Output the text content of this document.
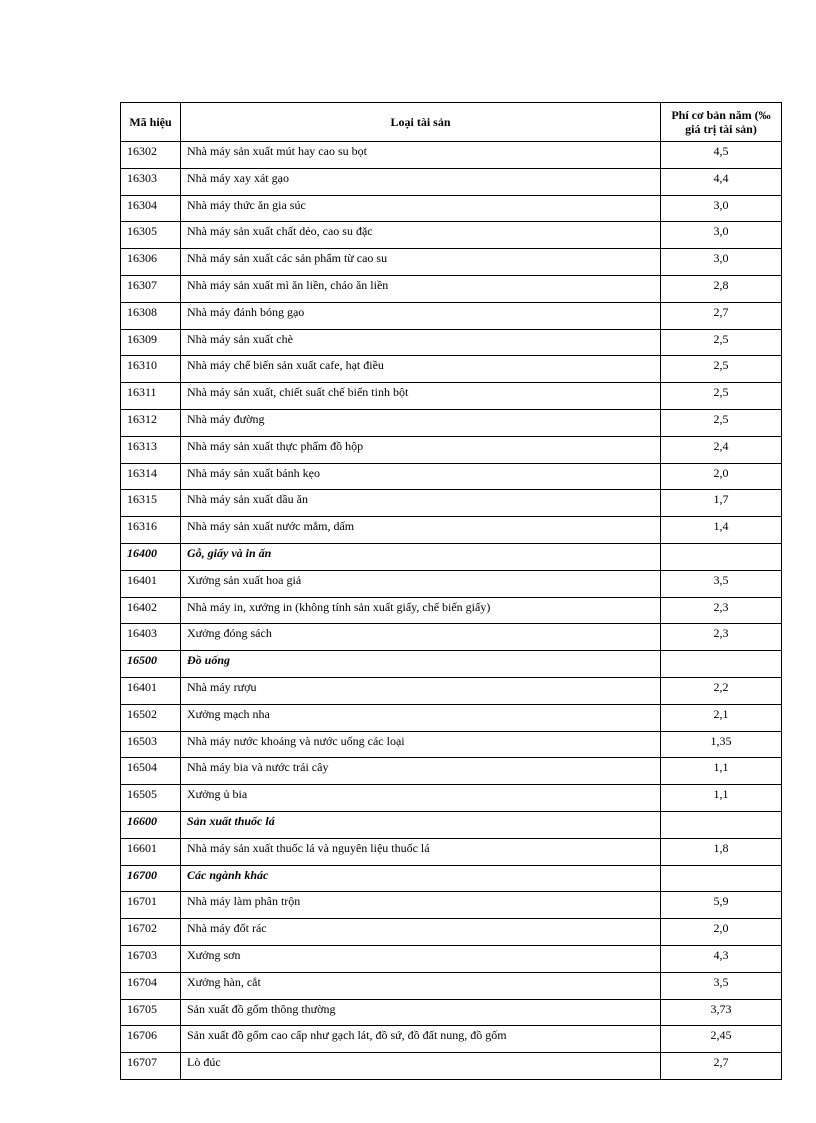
Mã hiệu	Loại tài sản	Phí cơ bản năm (‰ giá trị tài sản)
16302	Nhà máy sản xuất mút hay cao su bọt	4,5
16303	Nhà máy xay xát gạo	4,4
16304	Nhà máy thức ăn gia súc	3,0
16305	Nhà máy sản xuất chất dẻo, cao su đặc	3,0
16306	Nhà máy sản xuất các sản phẩm từ cao su	3,0
16307	Nhà máy sản xuất mì ăn liền, cháo ăn liền	2,8
16308	Nhà máy đánh bóng gạo	2,7
16309	Nhà máy sản xuất chè	2,5
16310	Nhà máy chế biến sản xuất cafe, hạt điều	2,5
16311	Nhà máy sản xuất, chiết suất chế biến tinh bột	2,5
16312	Nhà máy đường	2,5
16313	Nhà máy sản xuất thực phẩm đồ hộp	2,4
16314	Nhà máy sản xuất bánh kẹo	2,0
16315	Nhà máy sản xuất dầu ăn	1,7
16316	Nhà máy sản xuất nước mắm, dấm	1,4
16400	Gỗ, giấy và in ấn	
16401	Xưởng sản xuất hoa giả	3,5
16402	Nhà máy in, xưởng in (không tính sản xuất giấy, chế biến giấy)	2,3
16403	Xưởng đóng sách	2,3
16500	Đồ uống	
16401	Nhà máy rượu	2,2
16502	Xưởng mạch nha	2,1
16503	Nhà máy nước khoáng và nước uống các loại	1,35
16504	Nhà máy bia và nước trái cây	1,1
16505	Xưởng ủ bia	1,1
16600	Sản xuất thuốc lá	
16601	Nhà máy sản xuất thuốc lá và nguyên liệu thuốc lá	1,8
16700	Các ngành khác	
16701	Nhà máy làm phân trộn	5,9
16702	Nhà máy đốt rác	2,0
16703	Xưởng sơn	4,3
16704	Xưởng hàn, cắt	3,5
16705	Sản xuất đồ gốm thông thường	3,73
16706	Sản xuất đồ gốm cao cấp như gạch lát, đồ sứ, đồ đất nung, đồ gốm	2,45
16707	Lò đúc	2,7
